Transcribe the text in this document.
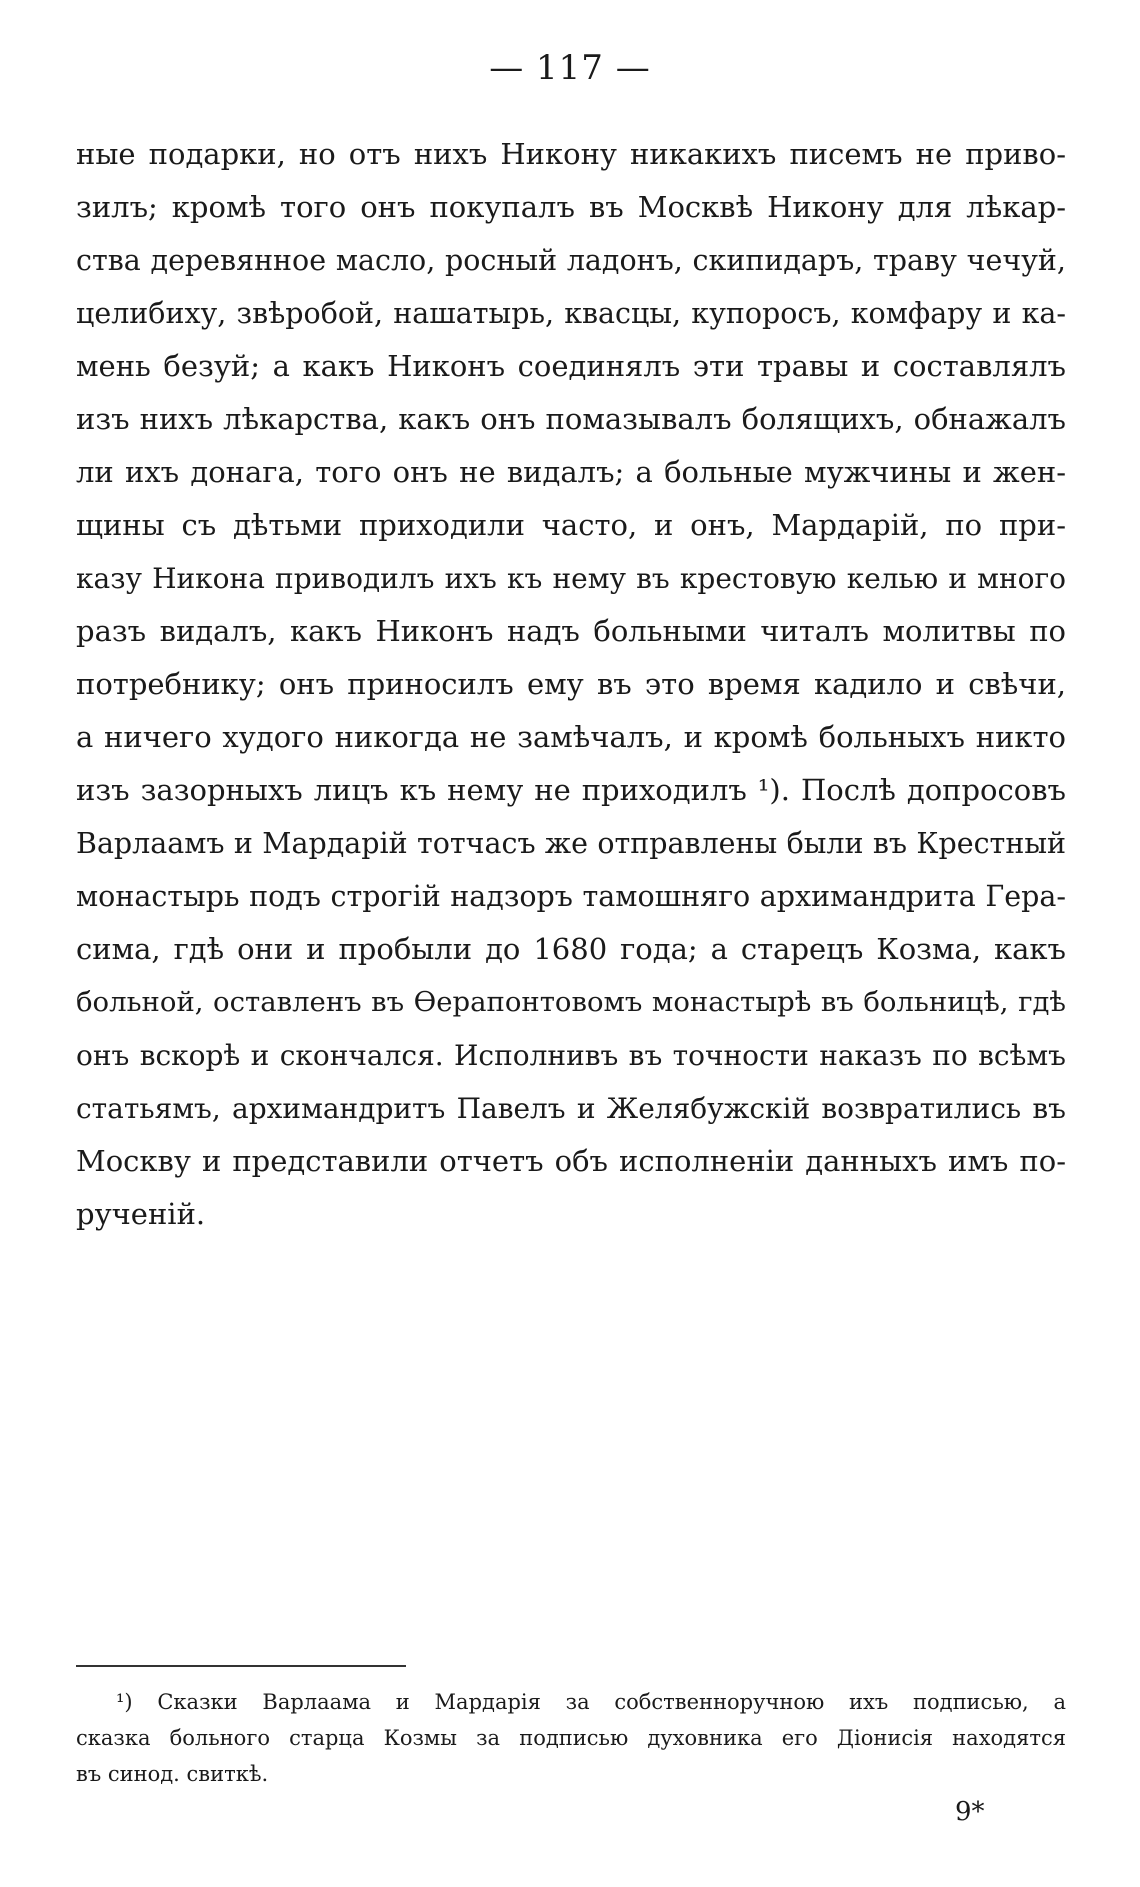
— 117 —
ные подарки, но отъ нихъ Никону никакихъ писемъ не приво-
зилъ; кромѣ того онъ покупалъ въ Москвѣ Никону для лѣкар-
ства деревянное масло, росный ладонъ, скипидаръ, траву чечуй,
целибиху, звѣробой, нашатырь, квасцы, купоросъ, комфару и ка-
мень безуй; а какъ Никонъ соединялъ эти травы и составлялъ
изъ нихъ лѣкарства, какъ онъ помазывалъ болящихъ, обнажалъ
ли ихъ донага, того онъ не видалъ; а больные мужчины и жен-
щины съ дѣтьми приходили часто, и онъ, Мардарій, по при-
казу Никона приводилъ ихъ къ нему въ крестовую келью и много
разъ видалъ, какъ Никонъ надъ больными читалъ молитвы по
потребнику; онъ приносилъ ему въ это время кадило и свѣчи,
а ничего худого никогда не замѣчалъ, и кромѣ больныхъ никто
изъ зазорныхъ лицъ къ нему не приходилъ ¹). Послѣ допросовъ
Варлаамъ и Мардарій тотчасъ же отправлены были въ Крестный
монастырь подъ строгій надзоръ тамошняго архимандрита Гера-
сима, гдѣ они и пробыли до 1680 года; а старецъ Козма, какъ
больной, оставленъ въ Ѳерапонтовомъ монастырѣ въ больницѣ, гдѣ
онъ вскорѣ и скончался. Исполнивъ въ точности наказъ по всѣмъ
статьямъ, архимандритъ Павелъ и Желябужскій возвратились въ
Москву и представили отчетъ объ исполненіи данныхъ имъ по-
рученій.
¹) Сказки Варлаама и Мардарія за собственноручною ихъ подписью, а
сказка больного старца Козмы за подписью духовника его Діонисія находятся
въ синод. свиткѣ.
9*
